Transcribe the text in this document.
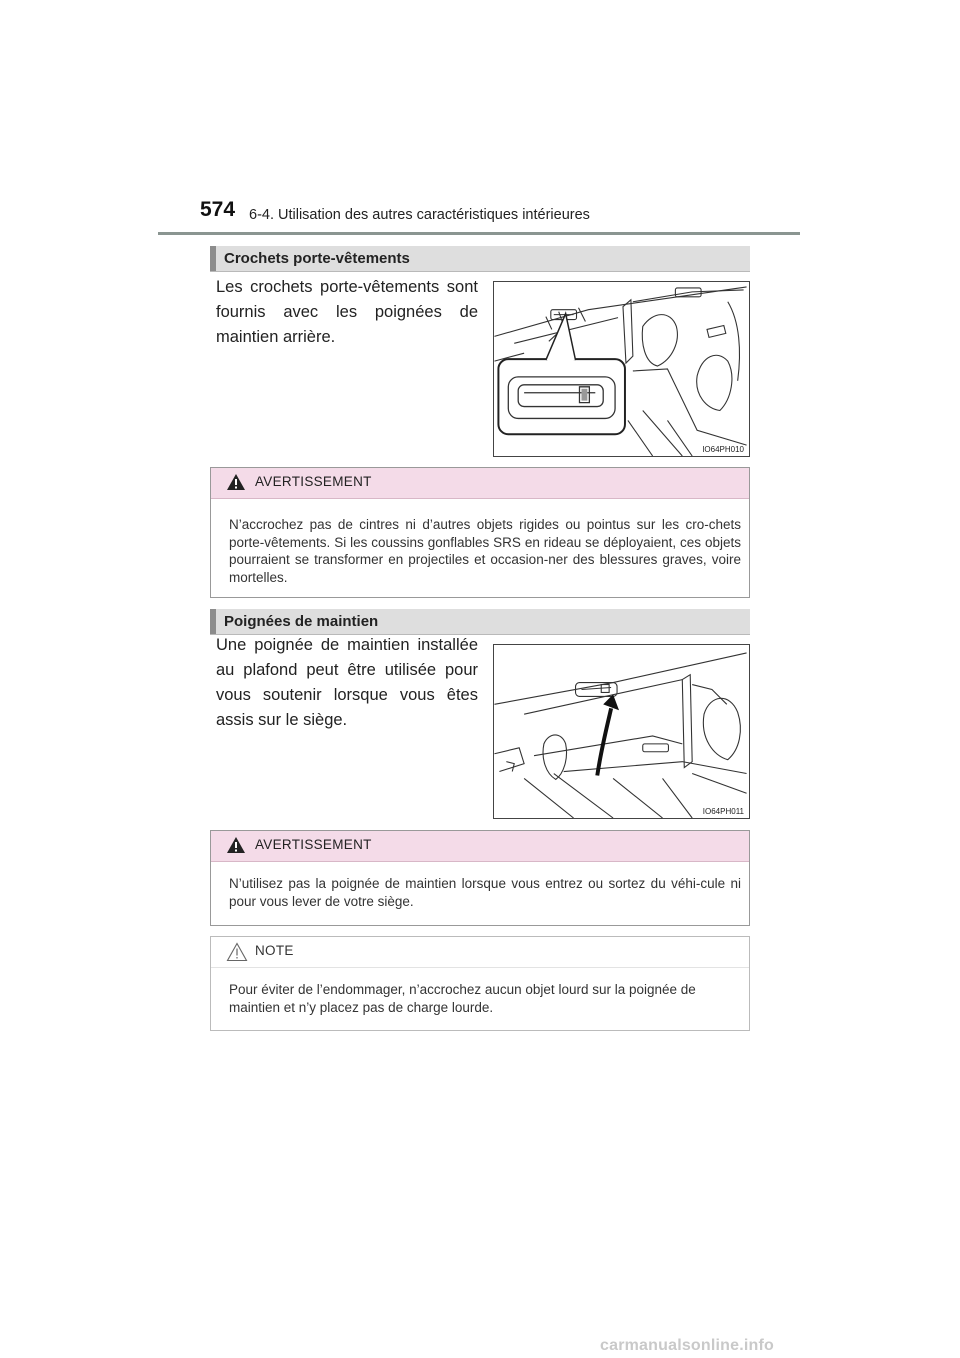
574 6-4. Utilisation des autres caractéristiques intérieures
Crochets porte-vêtements
Les crochets porte-vêtements sont fournis avec les poignées de maintien arrière.
IO64PH010
AVERTISSEMENT
N’accrochez pas de cintres ni d’autres objets rigides ou pointus sur les cro-chets porte-vêtements. Si les coussins gonflables SRS en rideau se déployaient, ces objets pourraient se transformer en projectiles et occasion-ner des blessures graves, voire mortelles.
Poignées de maintien
Une poignée de maintien installée au plafond peut être utilisée pour vous soutenir lorsque vous êtes assis sur le siège.
IO64PH011
AVERTISSEMENT
N’utilisez pas la poignée de maintien lorsque vous entrez ou sortez du véhi-cule ni pour vous lever de votre siège.
NOTE
Pour éviter de l’endommager, n’accrochez aucun objet lourd sur la poignée de maintien et n’y placez pas de charge lourde.
carmanualsonline.info
